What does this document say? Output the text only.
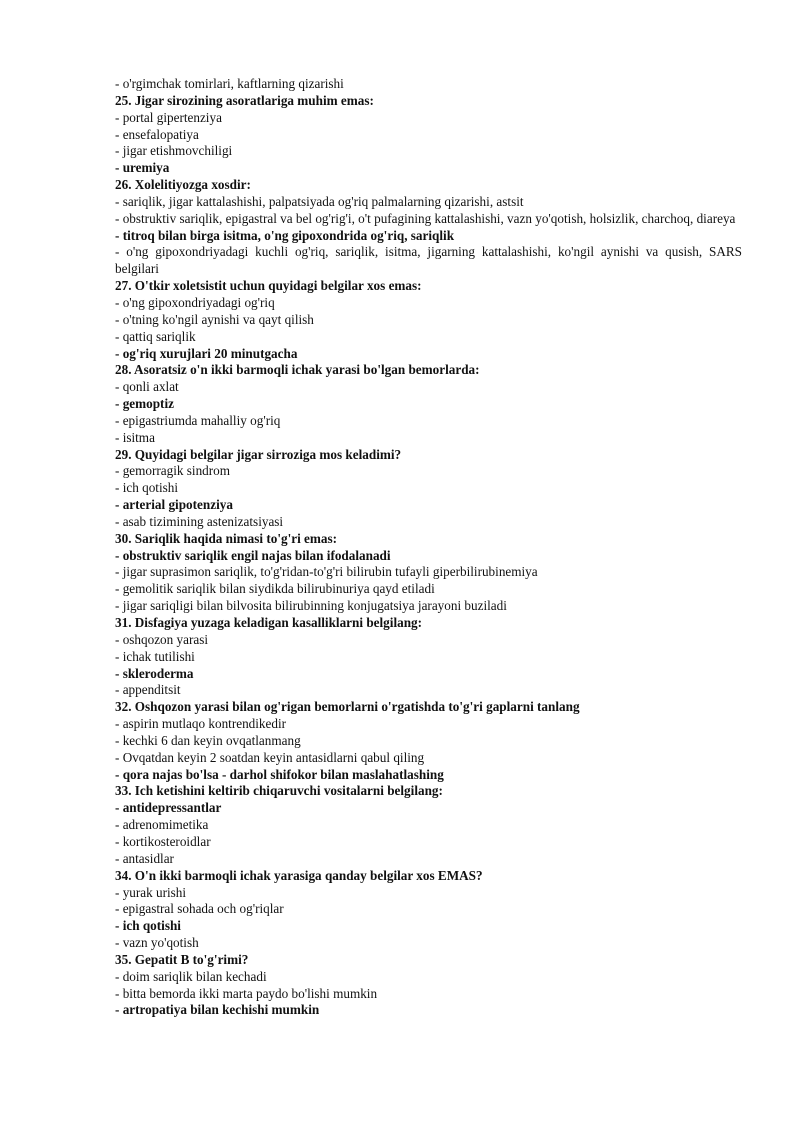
- o'rgimchak tomirlari, kaftlarning qizarishi
25. Jigar sirozining asoratlariga muhim emas:
- portal gipertenziya
- ensefalopatiya
- jigar etishmovchiligi
- uremiya
26. Xolelitiyozga xosdir:
- sariqlik, jigar kattalashishi, palpatsiyada og'riq palmalarning qizarishi, astsit
- obstruktiv sariqlik, epigastral va bel og'rig'i, o't pufagining kattalashishi, vazn yo'qotish, holsizlik, charchoq, diareya
- titroq bilan birga isitma, o'ng gipoxondrida og'riq, sariqlik
- o'ng gipoxondriyadagi kuchli og'riq, sariqlik, isitma, jigarning kattalashishi, ko'ngil aynishi va qusish, SARS belgilari
27. O'tkir xoletsistit uchun quyidagi belgilar xos emas:
- o'ng gipoxondriyadagi og'riq
- o'tning ko'ngil aynishi va qayt qilish
- qattiq sariqlik
- og'riq xurujlari 20 minutgacha
28. Asoratsiz o'n ikki barmoqli ichak yarasi bo'lgan bemorlarda:
- qonli axlat
- gemoptiz
- epigastriumda mahalliy og'riq
- isitma
29. Quyidagi belgilar jigar sirroziga mos keladimi?
- gemorragik sindrom
- ich qotishi
- arterial gipotenziya
- asab tizimining astenizatsiyasi
30. Sariqlik haqida nimasi to'g'ri emas:
- obstruktiv sariqlik engil najas bilan ifodalanadi
- jigar suprasimon sariqlik, to'g'ridan-to'g'ri bilirubin tufayli giperbilirubinemiya
- gemolitik sariqlik bilan siydikda bilirubinuriya qayd etiladi
- jigar sariqligi bilan bilvosita bilirubinning konjugatsiya jarayoni buziladi
31. Disfagiya yuzaga keladigan kasalliklarni belgilang:
- oshqozon yarasi
- ichak tutilishi
- skleroderma
- appenditsit
32. Oshqozon yarasi bilan og'rigan bemorlarni o'rgatishda to'g'ri gaplarni tanlang
- aspirin mutlaqo kontrendikedir
- kechki 6 dan keyin ovqatlanmang
- Ovqatdan keyin 2 soatdan keyin antasidlarni qabul qiling
- qora najas bo'lsa - darhol shifokor bilan maslahatlashing
33. Ich ketishini keltirib chiqaruvchi vositalarni belgilang:
- antidepressantlar
- adrenomimetika
- kortikosteroidlar
- antasidlar
34. O'n ikki barmoqli ichak yarasiga qanday belgilar xos EMAS?
- yurak urishi
- epigastral sohada och og'riqlar
- ich qotishi
- vazn yo'qotish
35. Gepatit B to'g'rimi?
- doim sariqlik bilan kechadi
- bitta bemorda ikki marta paydo bo'lishi mumkin
- artropatiya bilan kechishi mumkin
